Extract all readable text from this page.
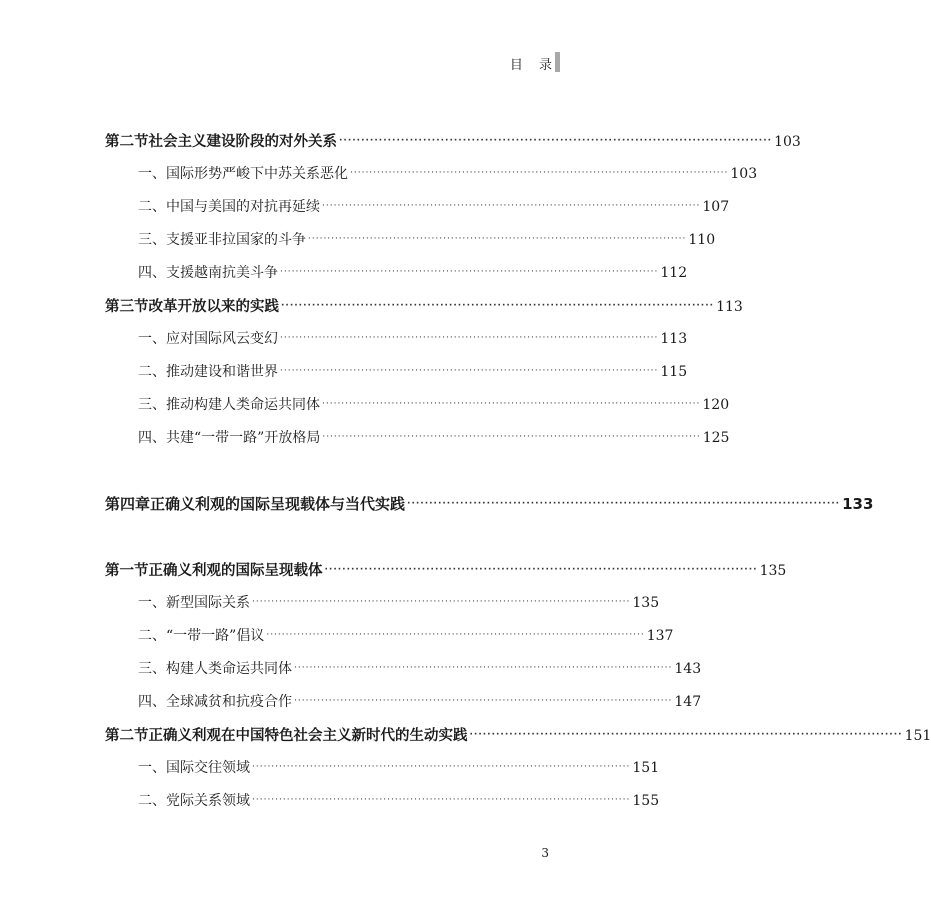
目 录
第二节 社会主义建设阶段的对外关系 ·································································································· 103
一、国际形势严峻下中苏关系恶化 ·································································································· 103
二、中国与美国的对抗再延续 ·································································································· 107
三、支援亚非拉国家的斗争 ·································································································· 110
四、支援越南抗美斗争 ·································································································· 112
第三节 改革开放以来的实践 ·································································································· 113
一、应对国际风云变幻 ·································································································· 113
二、推动建设和谐世界 ·································································································· 115
三、推动构建人类命运共同体 ·································································································· 120
四、共建“一带一路”开放格局 ·································································································· 125
第四章 正确义利观的国际呈现载体与当代实践 ·································································································· 133
第一节 正确义利观的国际呈现载体 ·································································································· 135
一、新型国际关系 ·································································································· 135
二、“一带一路”倡议 ·································································································· 137
三、构建人类命运共同体 ·································································································· 143
四、全球减贫和抗疫合作 ·································································································· 147
第二节 正确义利观在中国特色社会主义新时代的生动实践 ·································································································· 151
一、国际交往领域 ·································································································· 151
二、党际关系领域 ·································································································· 155
3
